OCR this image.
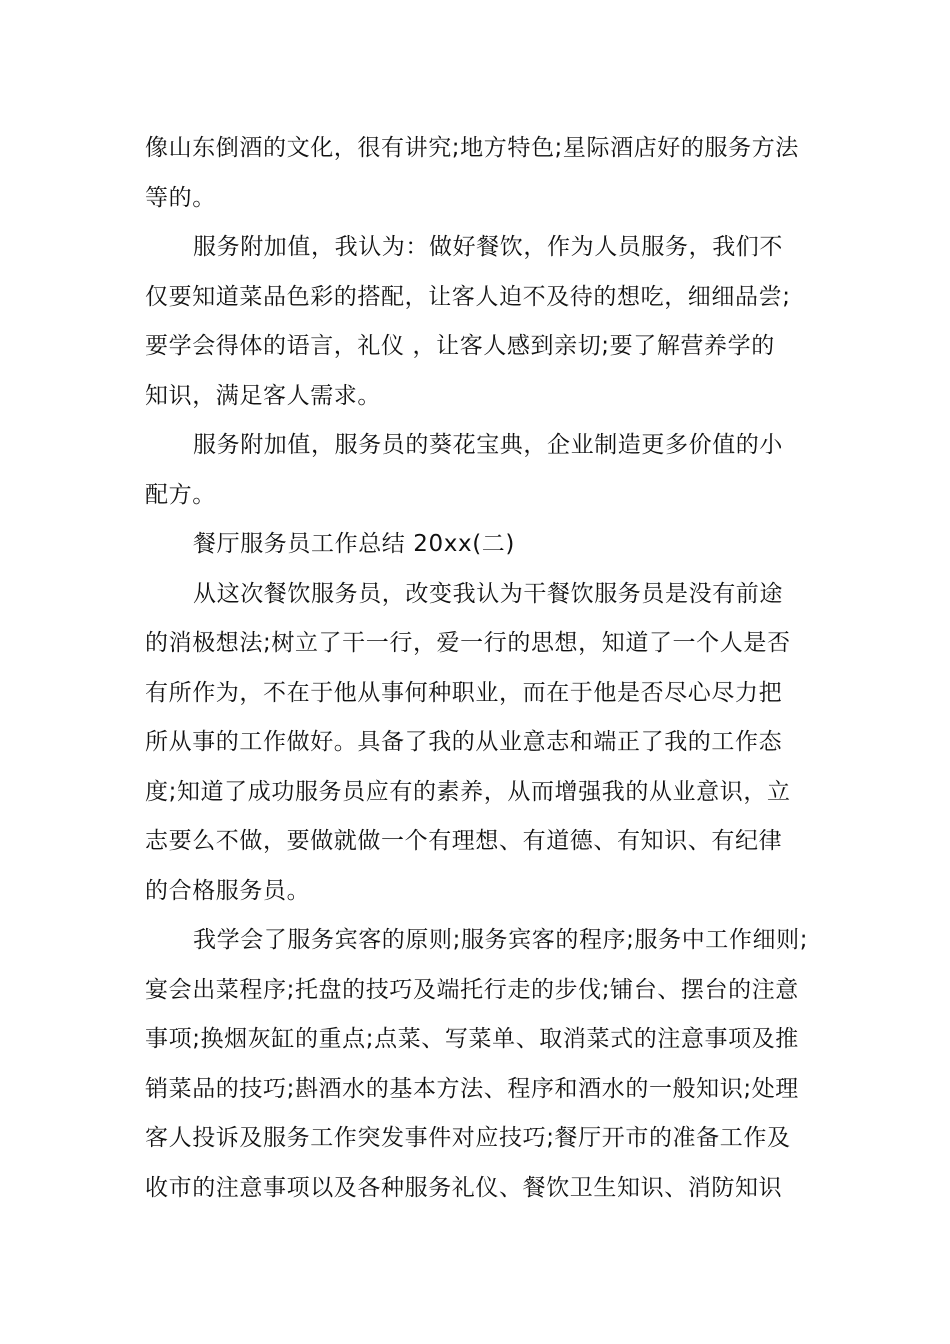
像山东倒酒的文化，很有讲究;地方特色;星际酒店好的服务方法
等的。
服务附加值，我认为：做好餐饮，作为人员服务，我们不
仅要知道菜品色彩的搭配，让客人迫不及待的想吃，细细品尝;
要学会得体的语言，礼仪 ，让客人感到亲切;要了解营养学的
知识，满足客人需求。
服务附加值，服务员的葵花宝典，企业制造更多价值的小
配方。
餐厅服务员工作总结 20xx(二)
从这次餐饮服务员，改变我认为干餐饮服务员是没有前途
的消极想法;树立了干一行，爱一行的思想，知道了一个人是否
有所作为，不在于他从事何种职业，而在于他是否尽心尽力把
所从事的工作做好。具备了我的从业意志和端正了我的工作态
度;知道了成功服务员应有的素养，从而增强我的从业意识，立
志要么不做，要做就做一个有理想、有道德、有知识、有纪律
的合格服务员。
我学会了服务宾客的原则;服务宾客的程序;服务中工作细则;
宴会出菜程序;托盘的技巧及端托行走的步伐;铺台、摆台的注意
事项;换烟灰缸的重点;点菜、写菜单、取消菜式的注意事项及推
销菜品的技巧;斟酒水的基本方法、程序和酒水的一般知识;处理
客人投诉及服务工作突发事件对应技巧;餐厅开市的准备工作及
收市的注意事项以及各种服务礼仪、餐饮卫生知识、消防知识
